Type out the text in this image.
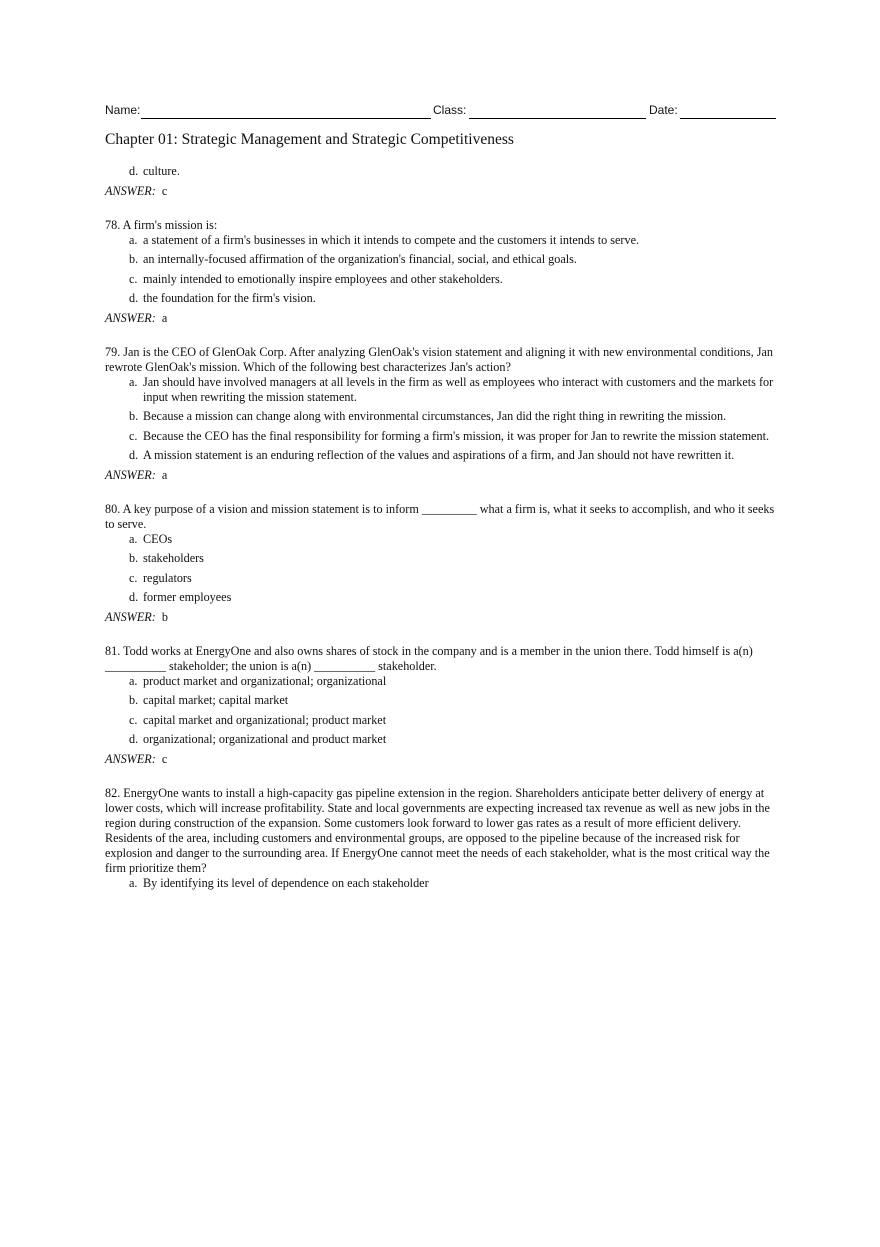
Name:	Class:	Date:
Chapter 01: Strategic Management and Strategic Competitiveness
d. culture.

ANSWER: c

78. A firm's mission is:

a. a statement of a firm's businesses in which it intends to compete and the customers it intends to serve.
b. an internally-focused affirmation of the organization's financial, social, and ethical goals.
c. mainly intended to emotionally inspire employees and other stakeholders.
d. the foundation for the firm's vision.

ANSWER: a

79. Jan is the CEO of GlenOak Corp. After analyzing GlenOak's vision statement and aligning it with new environmental conditions, Jan rewrote GlenOak's mission. Which of the following best characterizes Jan's action?

a. Jan should have involved managers at all levels in the firm as well as employees who interact with customers and the markets for input when rewriting the mission statement.
b. Because a mission can change along with environmental circumstances, Jan did the right thing in rewriting the mission.
c. Because the CEO has the final responsibility for forming a firm's mission, it was proper for Jan to rewrite the mission statement.
d. A mission statement is an enduring reflection of the values and aspirations of a firm, and Jan should not have rewritten it.

ANSWER: a

80. A key purpose of a vision and mission statement is to inform _________ what a firm is, what it seeks to accomplish, and who it seeks to serve.

a. CEOs
b. stakeholders
c. regulators
d. former employees

ANSWER: b

81. Todd works at EnergyOne and also owns shares of stock in the company and is a member in the union there. Todd himself is a(n) __________ stakeholder; the union is a(n) __________ stakeholder.

a. product market and organizational; organizational
b. capital market; capital market
c. capital market and organizational; product market
d. organizational; organizational and product market

ANSWER: c

82. EnergyOne wants to install a high-capacity gas pipeline extension in the region. Shareholders anticipate better delivery of energy at lower costs, which will increase profitability. State and local governments are expecting increased tax revenue as well as new jobs in the region during construction of the expansion. Some customers look forward to lower gas rates as a result of more efficient delivery. Residents of the area, including customers and environmental groups, are opposed to the pipeline because of the increased risk for explosion and danger to the surrounding area. If EnergyOne cannot meet the needs of each stakeholder, what is the most critical way the firm prioritize them?

a. By identifying its level of dependence on each stakeholder
